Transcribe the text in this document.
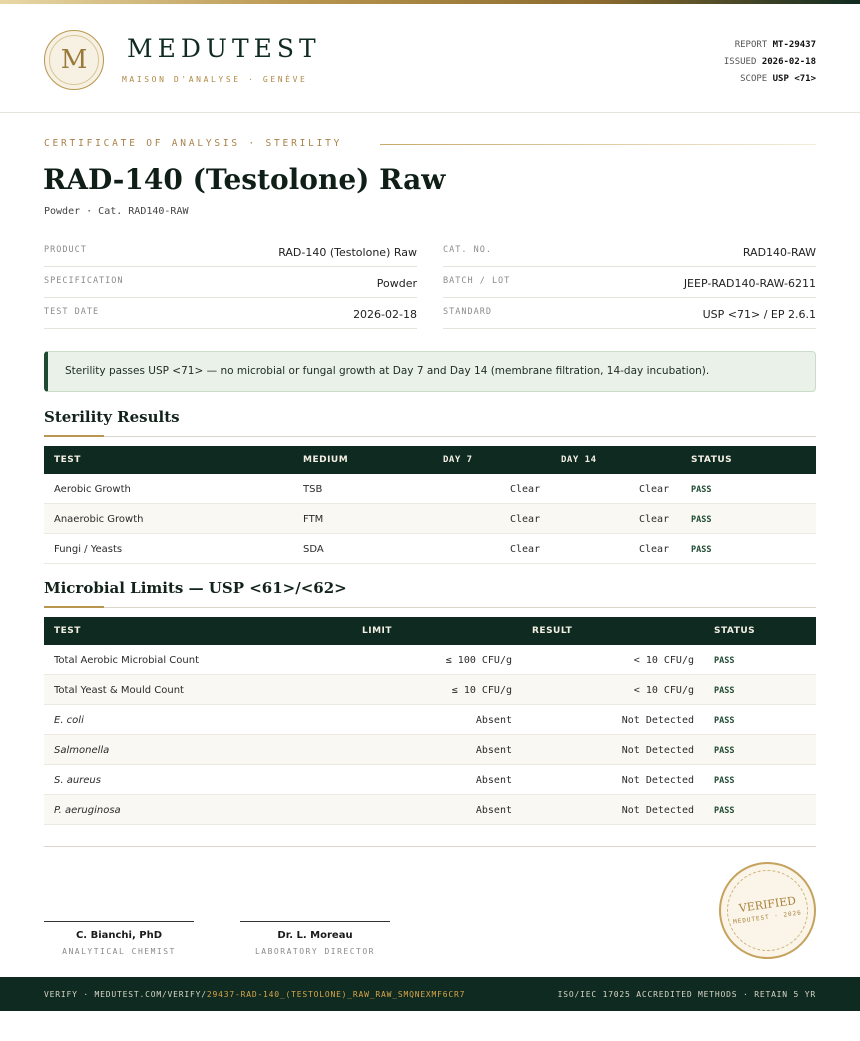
M	MEDUTEST
MAISON D'ANALYSE · GENÈVE
REPORT MT-29437
ISSUED 2026-02-18
SCOPE USP <71>
CERTIFICATE OF ANALYSIS · STERILITY
RAD-140 (Testolone) Raw
Powder · Cat. RAD140-RAW
PRODUCT	RAD-140 (Testolone) Raw
SPECIFICATION	Powder
TEST DATE	2026-02-18
CAT. NO.	RAD140-RAW
BATCH / LOT	JEEP-RAD140-RAW-6211
STANDARD	USP <71> / EP 2.6.1
Sterility passes USP <71> — no microbial or fungal growth at Day 7 and Day 14 (membrane filtration, 14-day incubation).
Sterility Results
TEST	MEDIUM	DAY 7	DAY 14	STATUS
Aerobic Growth	TSB	Clear	Clear	PASS
Anaerobic Growth	FTM	Clear	Clear	PASS
Fungi / Yeasts	SDA	Clear	Clear	PASS
Microbial Limits — USP <61>/<62>
TEST	LIMIT	RESULT	STATUS
Total Aerobic Microbial Count	≤ 100 CFU/g	< 10 CFU/g PASS
Total Yeast & Mould Count	≤ 10 CFU/g	< 10 CFU/g PASS
E. coli	Absent	Not Detected PASS
Salmonella	Absent	Not Detected PASS
S. aureus	Absent	Not Detected PASS
P. aeruginosa	Absent	Not Detected PASS
C. Bianchi, PhD
ANALYTICAL CHEMIST
Dr. L. Moreau
LABORATORY DIRECTOR
VERIFIED
MEDUTEST · 2026
VERIFY · MEDUTEST.COM/VERIFY/29437-RAD-140_(TESTOLONE)_RAW_RAW_SMQNEXMF6CR7	ISO/IEC 17025 ACCREDITED METHODS · RETAIN 5 YR
